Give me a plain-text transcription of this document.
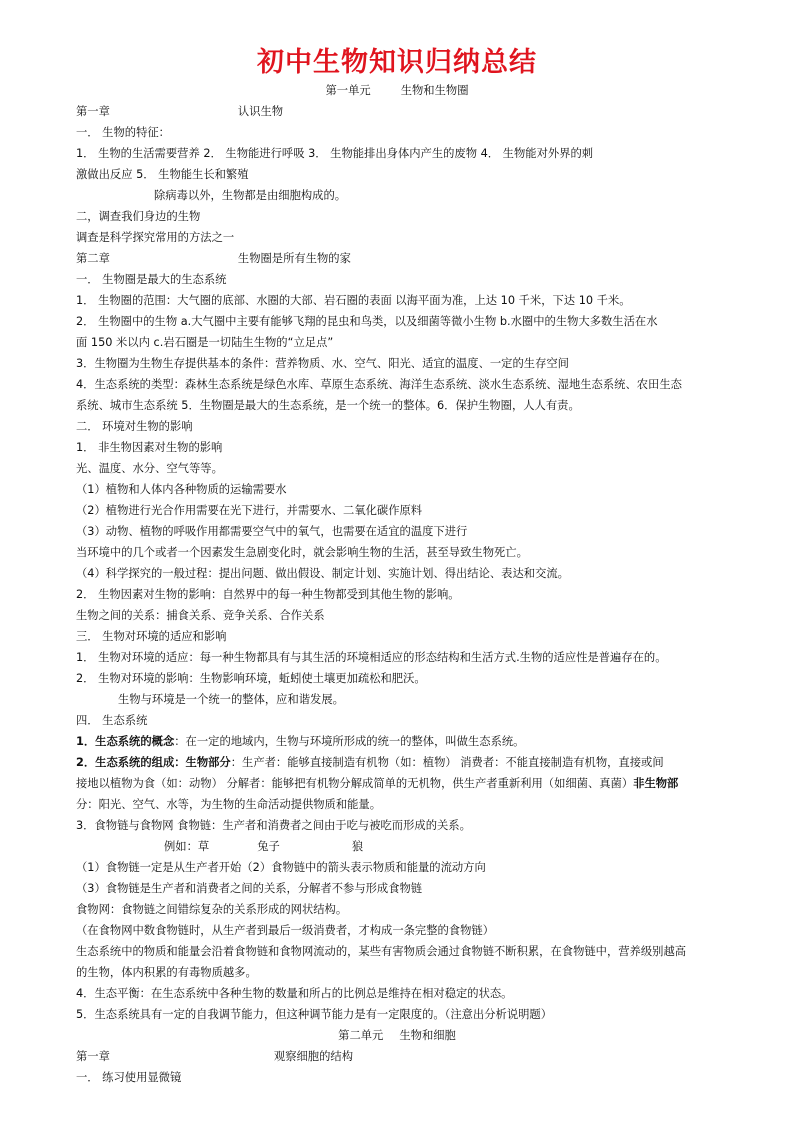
初中生物知识归纳总结
第一单元	生物和生物圈
第一章	认识生物
一． 生物的特征：
1． 生物的生活需要营养 2． 生物能进行呼吸 3． 生物能排出身体内产生的废物 4． 生物能对外界的刺
激做出反应 5． 生物能生长和繁殖
除病毒以外，生物都是由细胞构成的。
二，调查我们身边的生物
调查是科学探究常用的方法之一
第二章	生物圈是所有生物的家
一． 生物圈是最大的生态系统
1． 生物圈的范围：大气圈的底部、水圈的大部、岩石圈的表面 以海平面为准，上达 10 千米，下达 10 千米。
2． 生物圈中的生物 a.大气圈中主要有能够飞翔的昆虫和鸟类，以及细菌等微小生物 b.水圈中的生物大多数生活在水
面 150 米以内 c.岩石圈是一切陆生生物的“立足点”
3．生物圈为生物生存提供基本的条件：营养物质、水、空气、阳光、适宜的温度、一定的生存空间
4．生态系统的类型：森林生态系统是绿色水库、草原生态系统、海洋生态系统、淡水生态系统、湿地生态系统、农田生态
系统、城市生态系统 5．生物圈是最大的生态系统，是一个统一的整体。6．保护生物圈，人人有责。
二． 环境对生物的影响
1． 非生物因素对生物的影响
光、温度、水分、空气等等。
（1）植物和人体内各种物质的运输需要水
（2）植物进行光合作用需要在光下进行，并需要水、二氧化碳作原料
（3）动物、植物的呼吸作用都需要空气中的氧气，也需要在适宜的温度下进行
当环境中的几个或者一个因素发生急剧变化时，就会影响生物的生活，甚至导致生物死亡。
（4）科学探究的一般过程：提出问题、做出假设、制定计划、实施计划、得出结论、表达和交流。
2． 生物因素对生物的影响：自然界中的每一种生物都受到其他生物的影响。
生物之间的关系：捕食关系、竞争关系、合作关系
三． 生物对环境的适应和影响
1． 生物对环境的适应：每一种生物都具有与其生活的环境相适应的形态结构和生活方式.生物的适应性是普遍存在的。
2． 生物对环境的影响：生物影响环境，蚯蚓使土壤更加疏松和肥沃。
生物与环境是一个统一的整体，应和谐发展。
四． 生态系统
1．生态系统的概念：在一定的地域内，生物与环境所形成的统一的整体，叫做生态系统。
2．生态系统的组成：生物部分：生产者：能够直接制造有机物（如：植物） 消费者：不能直接制造有机物，直接或间
接地以植物为食（如：动物） 分解者：能够把有机物分解成简单的无机物，供生产者重新利用（如细菌、真菌）非生物部
分：阳光、空气、水等，为生物的生命活动提供物质和能量。
3．食物链与食物网 食物链：生产者和消费者之间由于吃与被吃而形成的关系。
例如：草	兔子	狼
（1）食物链一定是从生产者开始（2）食物链中的箭头表示物质和能量的流动方向
（3）食物链是生产者和消费者之间的关系，分解者不参与形成食物链
食物网：食物链之间错综复杂的关系形成的网状结构。
（在食物网中数食物链时，从生产者到最后一级消费者，才构成一条完整的食物链）
生态系统中的物质和能量会沿着食物链和食物网流动的，某些有害物质会通过食物链不断积累，在食物链中，营养级别越高
的生物，体内积累的有毒物质越多。
4．生态平衡：在生态系统中各种生物的数量和所占的比例总是维持在相对稳定的状态。
5．生态系统具有一定的自我调节能力，但这种调节能力是有一定限度的。（注意出分析说明题）
第二单元 生物和细胞
第一章	观察细胞的结构
一． 练习使用显微镜
